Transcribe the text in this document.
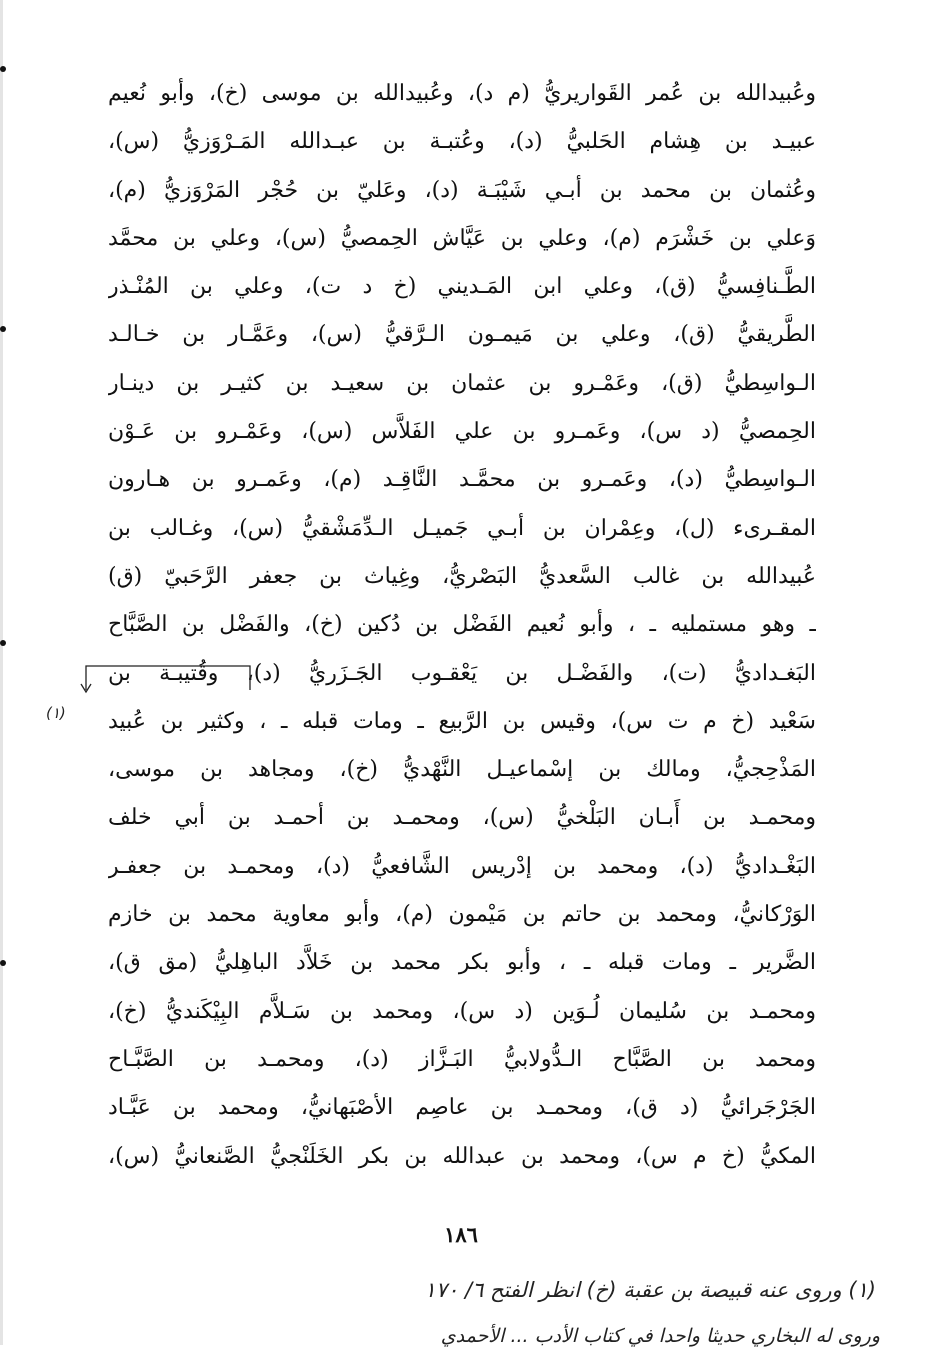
وعُبيدالله بن عُمر القَواريريُّ (م د)، وعُبيدالله بن موسى (خ)، وأبو نُعيم
عبيـد بن هِشام الحَلبيُّ (د)، وعُتبـة بن عبـدالله المَـرْوَزيُّ (س)،
وعُثمان بن محمد بن أبـي شَيْبَـة (د)، وعَليّ بن حُجْر المَرْوَزيُّ (م)،
وَعلي بن خَشْرَم (م)، وعلي بن عَيَّاش الحِمصيُّ (س)، وعلي بن محمَّد
الطَّـنافِسيُّ (ق)، وعلي ابن المَـديني (خ د ت)، وعلي بن المُنْـذر
الطَّريقيُّ (ق)، وعلي بن مَيمـون الـرَّقيُّ (س)، وعَمَّـار بن خـالـد
الـواسِطيُّ (ق)، وعَمْـرو بن عثمان بن سعيـد بن كثيـر بن دينـار
الحِمصيُّ (د س)، وعَمـرو بن علي الفَلاَّس (س)، وعَمْـرو بن عَـوْن
الـواسِطيُّ (د)، وعَمـرو بن محمَّـد النَّاقِـد (م)، وعَمـرو بن هـارون
المقـرىء (ل)، وعِمْران بن أبـي جَميـل الـدِّمَشْقيُّ (س)، وغـالب بن
عُبيدالله بن غالب السَّعديُّ البَصْريُّ، وغِياث بن جعفر الرَّحَبيّ (ق)
ـ وهو مستمليه ـ ، وأبو نُعيم الفَضْل بن دُكين (خ)، والفَضْل بن الصَّبَّاح
البَغـداديُّ (ت)، والفَضْـل بن يَعْقـوب الجَـزَريُّ (د)، وقُتيبـة بن
سَعْيد (خ م ت س)، وقيس بن الرَّبيع ـ ومات قبله ـ ، وكثير بن عُبيد
المَذْحِجيُّ، ومالك بن إسْماعيـل النَّهْديُّ (خ)، ومجاهد بن موسى،
ومحمـد بن أَبـان البَلْخيُّ (س)، ومحمـد بن أحمـد بن أبي خلف
البَغْـداديُّ (د)، ومحمد بن إدْريس الشَّافعيُّ (د)، ومحمـد بن جعفـر
الوَرْكانيُّ، ومحمد بن حاتم بن مَيْمون (م)، وأبو معاوية محمد بن خازم
الضَّرير ـ ومات قبله ـ ، وأبو بكر محمد بن خَلاَّد الباهِليُّ (مق ق)،
ومحمـد بن سُليمان لُـوَين (د س)، ومحمد بن سَـلاَّم البِيْكَنديُّ (خ)،
ومحمد بن الصَّبَّاح الـدُّولابيُّ البَـزَّاز (د)، ومحمـد بن الصَّبَّـاح
الجَرْجَرائيُّ (د ق)، ومحمـد بن عاصِم الأصْبَهانيُّ، ومحمد بن عَبَّـاد
المكيُّ (خ م س)، ومحمد بن عبدالله بن بكر الخَلَنْجيُّ الصَّنعانيُّ (س)،
(١)
١٨٦
(١) وروى عنه قبيصة بن عقبة (خ) انظر الفتح ٦/ ١٧٠
وروى له البخاري حديثا واحدا في كتاب الأدب ... الأحمدي
